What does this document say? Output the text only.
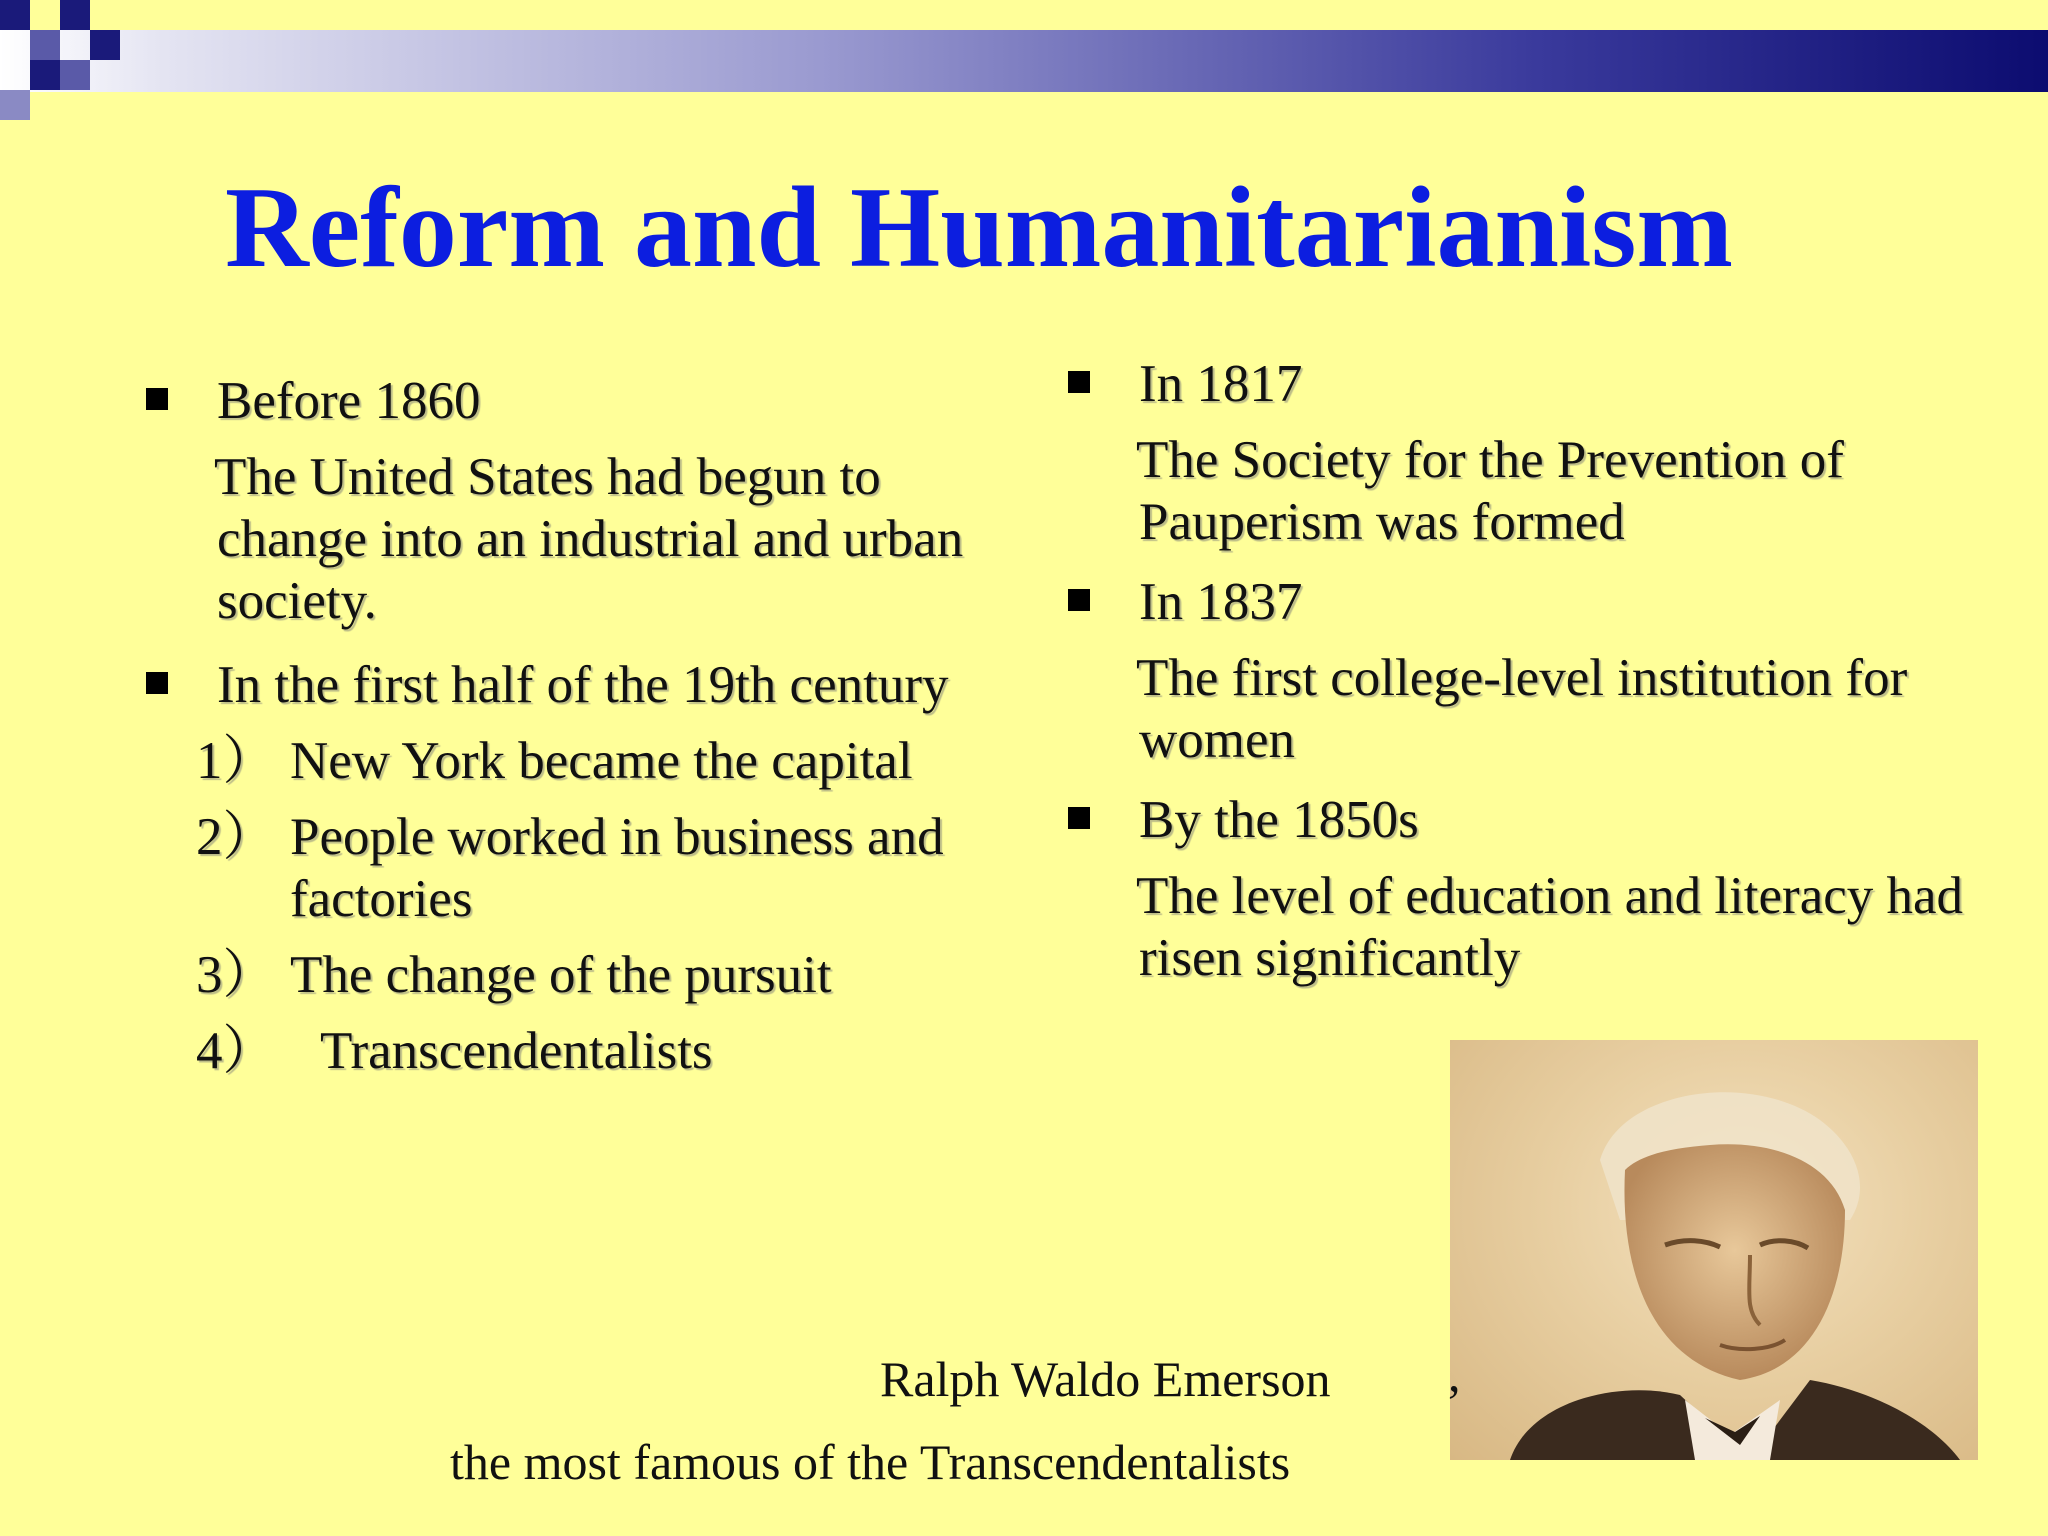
Reform and Humanitarianism
Before 1860
The United States had begun to change into an industrial and urban society.
In the first half of the 19th century
1） New York became the capital
2） People worked in business and factories
3） The change of the pursuit
4） Transcendentalists
In 1817
The Society for the Prevention of Pauperism was formed
In 1837
The first college-level institution for women
By the 1850s
The level of education and literacy had risen significantly
Ralph Waldo Emerson ,
the most famous of the Transcendentalists
